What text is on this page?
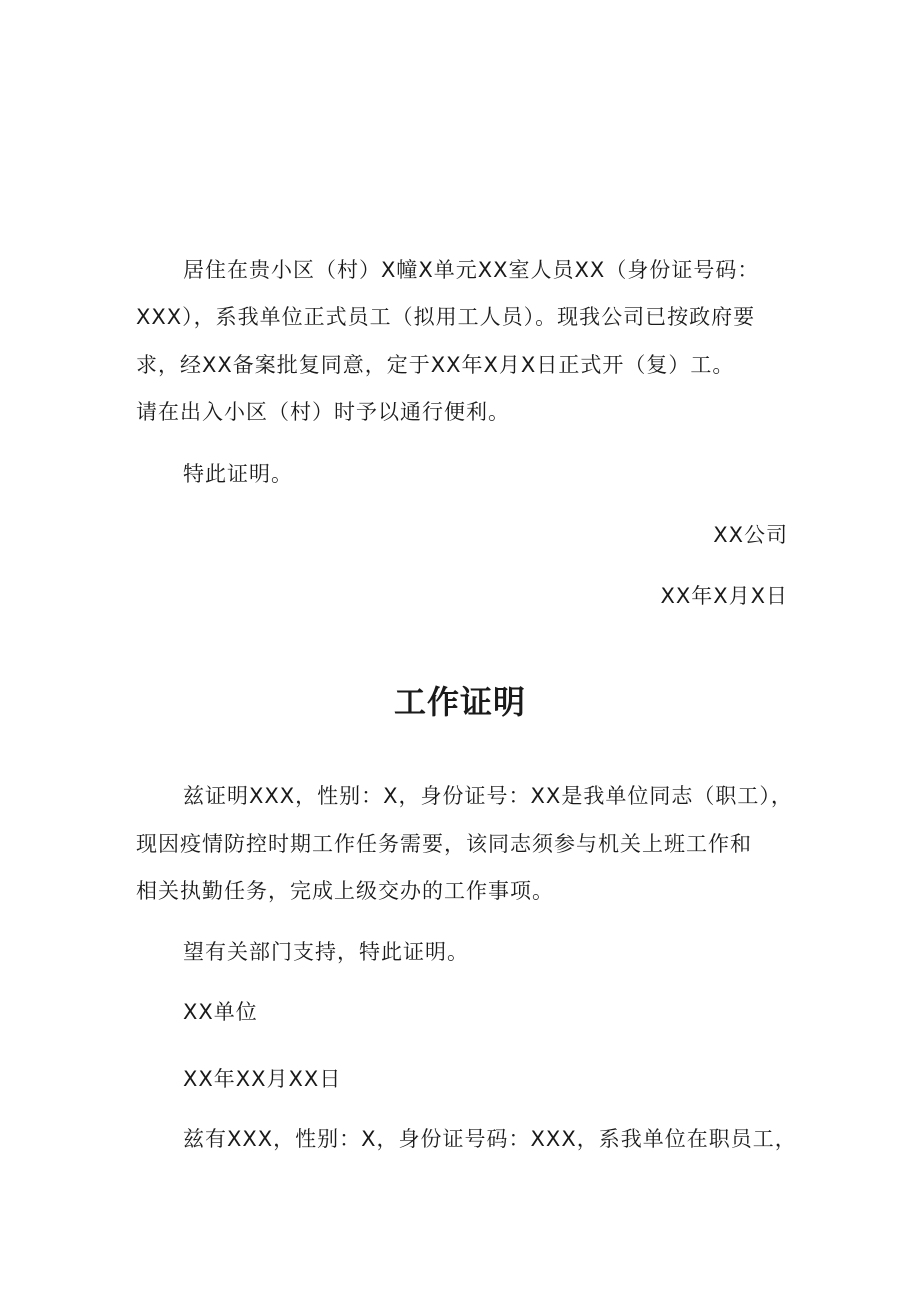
居住在贵小区（村）X幢X单元XX室人员XX（身份证号码：
XXX），系我单位正式员工（拟用工人员）。现我公司已按政府要
求，经XX备案批复同意，定于XX年X月X日正式开（复）工。
请在出入小区（村）时予以通行便利。
特此证明。
XX公司
XX年X月X日
工作证明
兹证明XXX，性别：X，身份证号：XX是我单位同志（职工），
现因疫情防控时期工作任务需要，该同志须参与机关上班工作和
相关执勤任务，完成上级交办的工作事项。
望有关部门支持，特此证明。
XX单位
XX年XX月XX日
兹有XXX，性别：X，身份证号码：XXX，系我单位在职员工，
